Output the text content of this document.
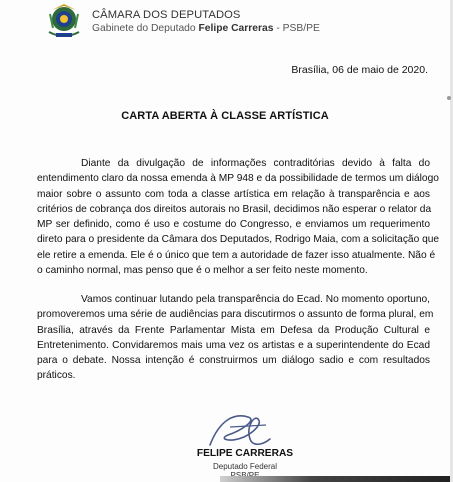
CÂMARA DOS DEPUTADOS
Gabinete do Deputado Felipe Carreras - PSB/PE
Brasília, 06 de maio de 2020.
CARTA ABERTA À CLASSE ARTÍSTICA
Diante da divulgação de informações contraditórias devido à falta do
entendimento claro da nossa emenda à MP 948 e da possibilidade de termos um diálogo
maior sobre o assunto com toda a classe artística em relação à transparência e aos
critérios de cobrança dos direitos autorais no Brasil, decidimos não esperar o relator da
MP ser definido, como é uso e costume do Congresso, e enviamos um requerimento
direto para o presidente da Câmara dos Deputados, Rodrigo Maia, com a solicitação que
ele retire a emenda. Ele é o único que tem a autoridade de fazer isso atualmente. Não é
o caminho normal, mas penso que é o melhor a ser feito neste momento.
Vamos continuar lutando pela transparência do Ecad. No momento oportuno,
promoveremos uma série de audiências para discutirmos o assunto de forma plural, em
Brasília, através da Frente Parlamentar Mista em Defesa da Produção Cultural e
Entretenimento. Convidaremos mais uma vez os artistas e a superintendente do Ecad
para o debate. Nossa intenção é construirmos um diálogo sadio e com resultados
práticos.
FELIPE CARRERAS
Deputado Federal
